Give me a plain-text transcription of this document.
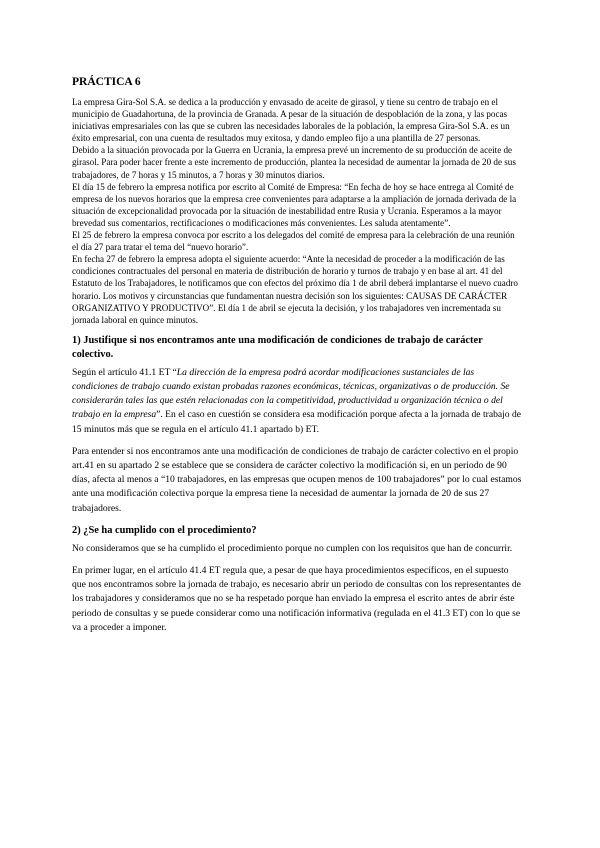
PRÁCTICA 6

La empresa Gira-Sol S.A. se dedica a la producción y envasado de aceite de girasol, y tiene su centro de trabajo en el municipio de Guadahortuna, de la provincia de Granada. A pesar de la situación de despoblación de la zona, y las pocas iniciativas empresariales con las que se cubren las necesidades laborales de la población, la empresa Gira-Sol S.A. es un éxito empresarial, con una cuenta de resultados muy exitosa, y dando empleo fijo a una plantilla de 27 personas.

Debido a la situación provocada por la Guerra en Ucrania, la empresa prevé un incremento de su producción de aceite de girasol. Para poder hacer frente a este incremento de producción, plantea la necesidad de aumentar la jornada de 20 de sus trabajadores, de 7 horas y 15 minutos, a 7 horas y 30 minutos diarios.

El día 15 de febrero la empresa notifica por escrito al Comité de Empresa: “En fecha de hoy se hace entrega al Comité de empresa de los nuevos horarios que la empresa cree convenientes para adaptarse a la ampliación de jornada derivada de la situación de excepcionalidad provocada por la situación de inestabilidad entre Rusia y Ucrania. Esperamos a la mayor brevedad sus comentarios, rectificaciones o modificaciones más convenientes. Les saluda atentamente”.

El 25 de febrero la empresa convoca por escrito a los delegados del comité de empresa para la celebración de una reunión el día 27 para tratar el tema del “nuevo horario”.

En fecha 27 de febrero la empresa adopta el siguiente acuerdo: “Ante la necesidad de proceder a la modificación de las condiciones contractuales del personal en materia de distribución de horario y turnos de trabajo y en base al art. 41 del Estatuto de los Trabajadores, le notificamos que con efectos del próximo día 1 de abril deberá implantarse el nuevo cuadro horario. Los motivos y circunstancias que fundamentan nuestra decisión son los siguientes: CAUSAS DE CARÁCTER ORGANIZATIVO Y PRODUCTIVO”. El día 1 de abril se ejecuta la decisión, y los trabajadores ven incrementada su jornada laboral en quince minutos.

1) Justifique si nos encontramos ante una modificación de condiciones de trabajo de carácter colectivo.

Según el artículo 41.1 ET “La dirección de la empresa podrá acordar modificaciones sustanciales de las condiciones de trabajo cuando existan probadas razones económicas, técnicas, organizativas o de producción. Se considerarán tales las que estén relacionadas con la competitividad, productividad u organización técnica o del trabajo en la empresa”. En el caso en cuestión se considera esa modificación porque afecta a la jornada de trabajo de 15 minutos más que se regula en el artículo 41.1 apartado b) ET.

Para entender si nos encontramos ante una modificación de condiciones de trabajo de carácter colectivo en el propio art.41 en su apartado 2 se establece que se considera de carácter colectivo la modificación si, en un periodo de 90 días, afecta al menos a “10 trabajadores, en las empresas que ocupen menos de 100 trabajadores” por lo cual estamos ante una modificación colectiva porque la empresa tiene la necesidad de aumentar la jornada de 20 de sus 27 trabajadores.

2) ¿Se ha cumplido con el procedimiento?

No consideramos que se ha cumplido el procedimiento porque no cumplen con los requisitos que han de concurrir.

En primer lugar, en el artículo 41.4 ET regula que, a pesar de que haya procedimientos específicos, en el supuesto que nos encontramos sobre la jornada de trabajo, es necesario abrir un periodo de consultas con los representantes de los trabajadores y consideramos que no se ha respetado porque han enviado la empresa el escrito antes de abrir éste periodo de consultas y se puede considerar como una notificación informativa (regulada en el 41.3 ET) con lo que se va a proceder a imponer.
